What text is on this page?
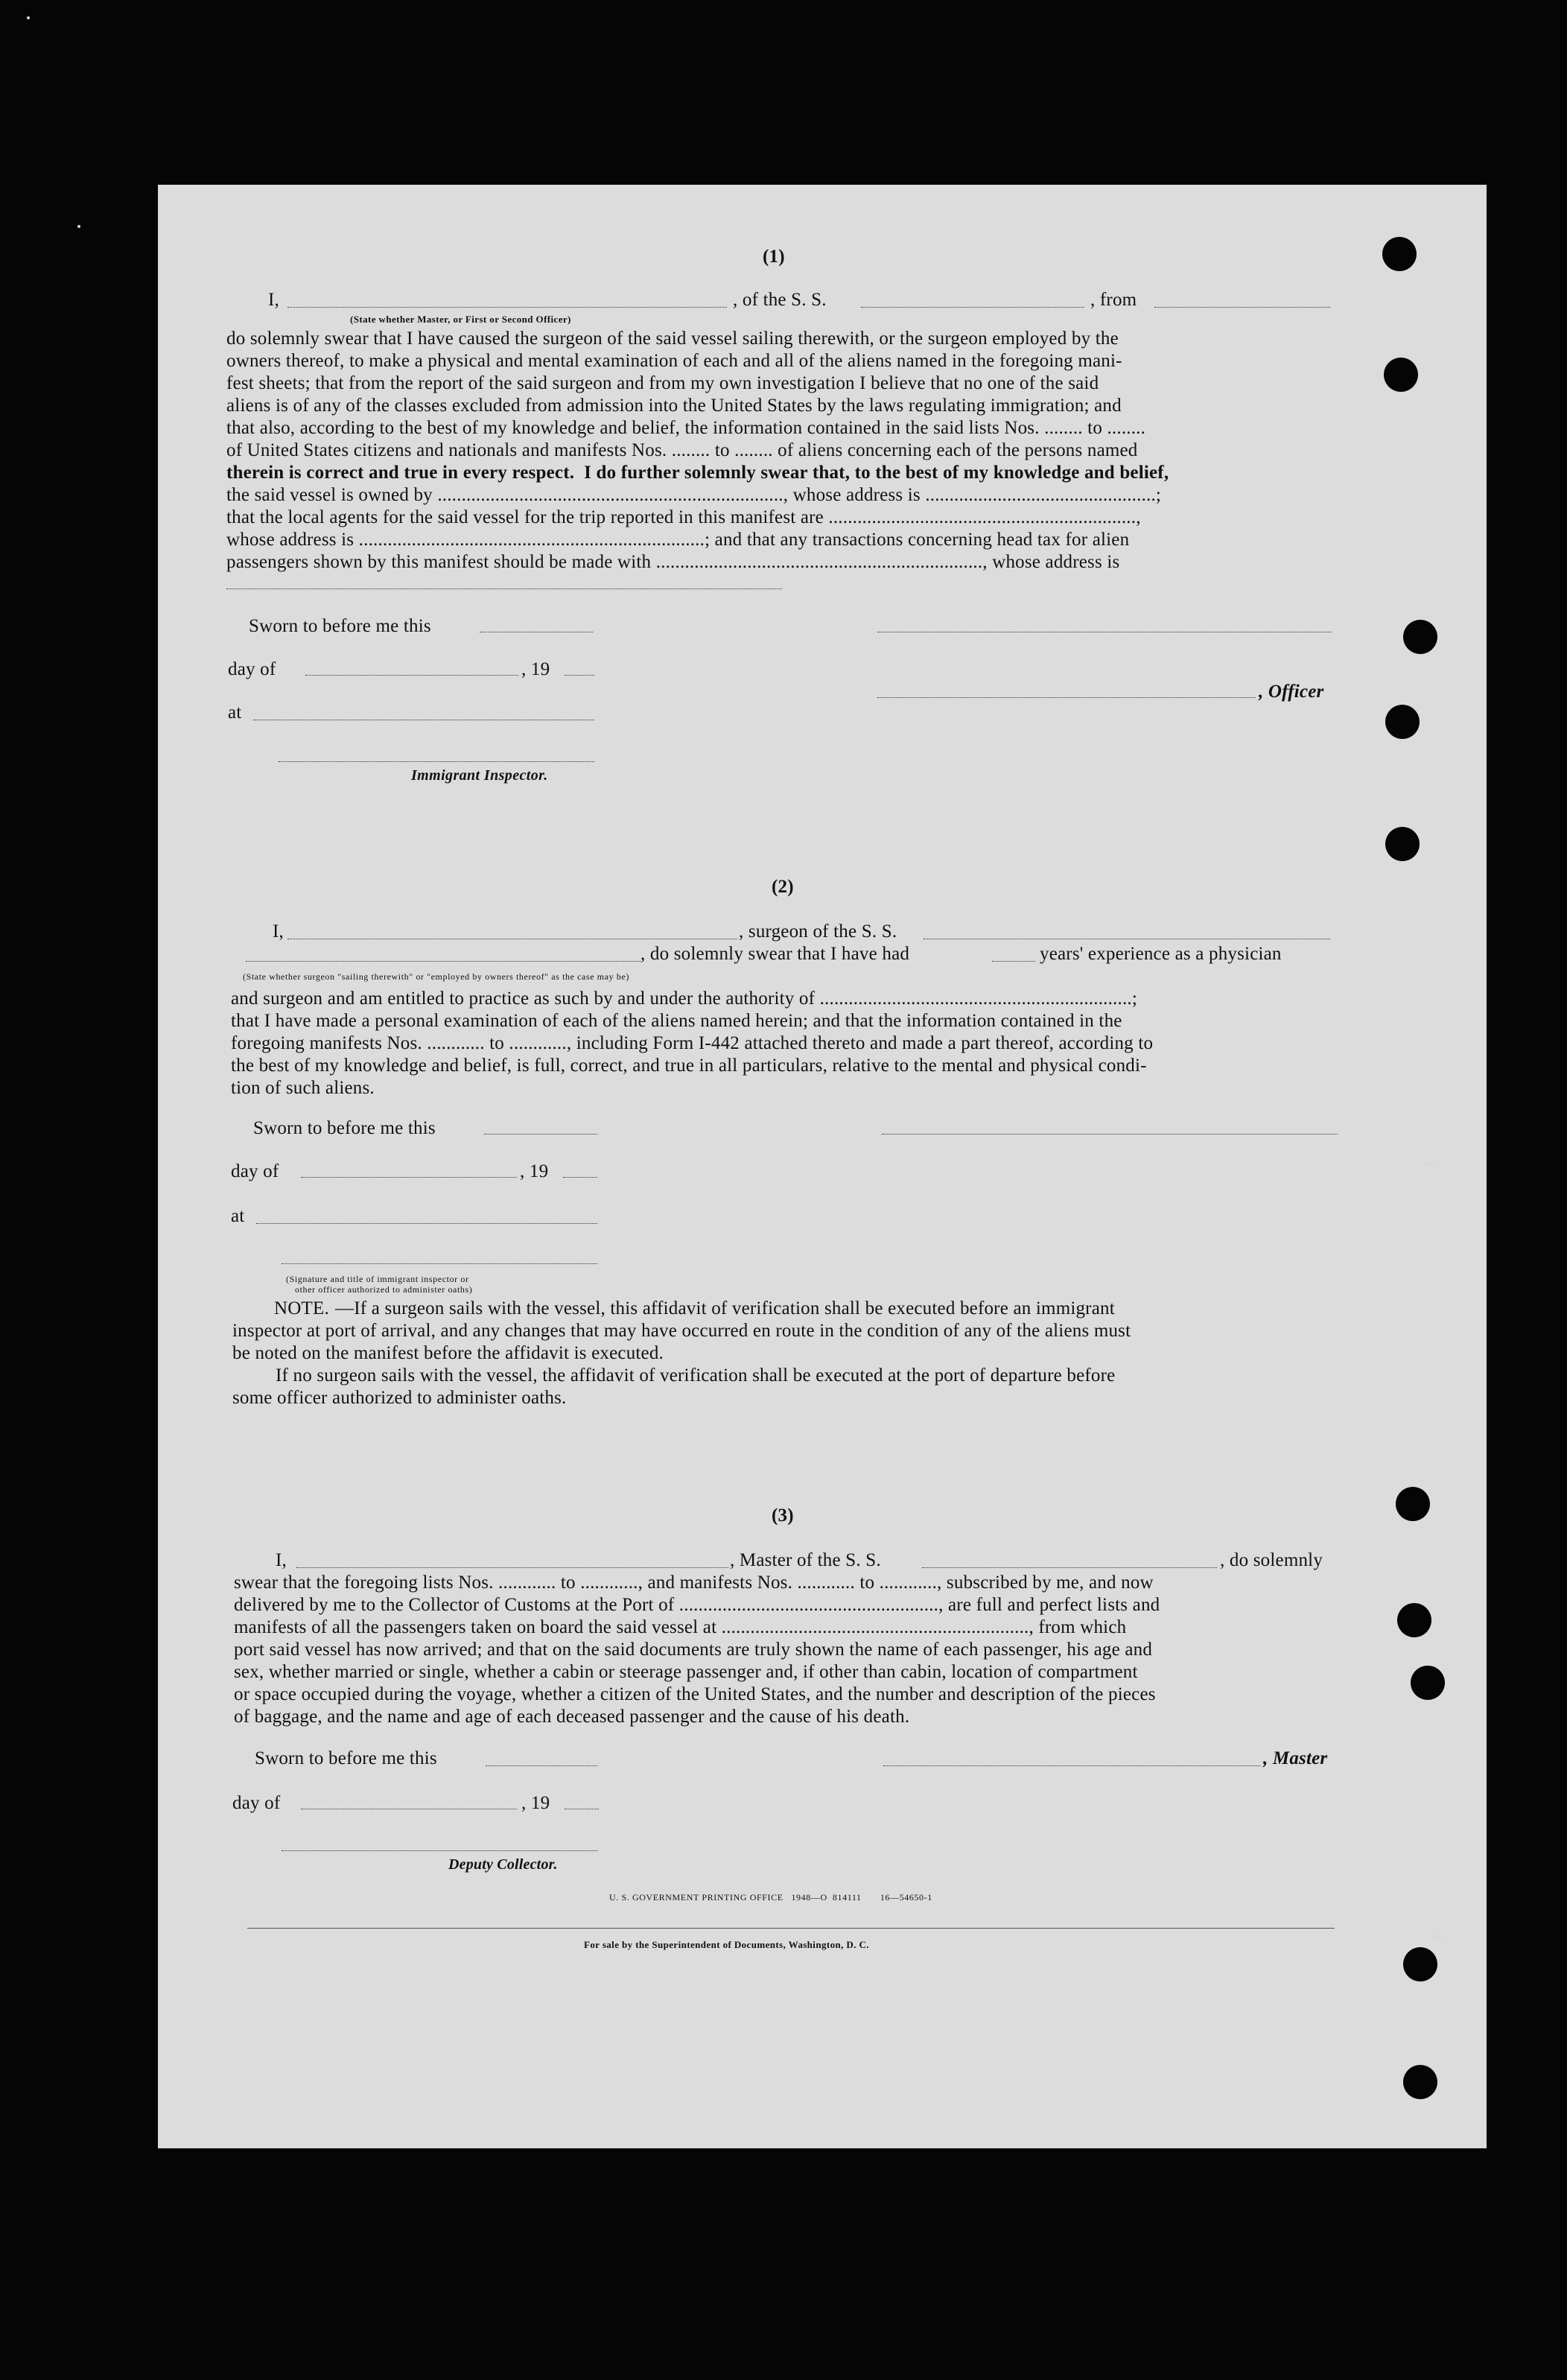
(1)
I,	, of the S. S.	, from
(State whether Master, or First or Second Officer)
do solemnly swear that I have caused the surgeon of the said vessel sailing therewith, or the surgeon employed by the
owners thereof, to make a physical and mental examination of each and all of the aliens named in the foregoing mani-
fest sheets; that from the report of the said surgeon and from my own investigation I believe that no one of the said
aliens is of any of the classes excluded from admission into the United States by the laws regulating immigration; and
that also, according to the best of my knowledge and belief, the information contained in the said lists Nos. ........ to ........
of United States citizens and nationals and manifests Nos. ........ to ........ of aliens concerning each of the persons named
therein is correct and true in every respect.  I do further solemnly swear that, to the best of my knowledge and belief,
the said vessel is owned by ........................................................................, whose address is ................................................;
that the local agents for the said vessel for the trip reported in this manifest are ................................................................,
whose address is ........................................................................; and that any transactions concerning head tax for alien
passengers shown by this manifest should be made with ...................................................................., whose address is
Sworn to before me this
day of	, 19
, Officer
at
Immigrant Inspector.
(2)
I,	, surgeon of the S. S.
, do solemnly swear that I have had	years' experience as a physician
(State whether surgeon "sailing therewith" or "employed by owners thereof" as the case may be)
and surgeon and am entitled to practice as such by and under the authority of .................................................................;
that I have made a personal examination of each of the aliens named herein; and that the information contained in the
foregoing manifests Nos. ............ to ............, including Form I-442 attached thereto and made a part thereof, according to
the best of my knowledge and belief, is full, correct, and true in all particulars, relative to the mental and physical condi-
tion of such aliens.
Sworn to before me this
day of	, 19
at
(Signature and title of immigrant inspector or
other officer authorized to administer oaths)
NOTE. —If a surgeon sails with the vessel, this affidavit of verification shall be executed before an immigrant
inspector at port of arrival, and any changes that may have occurred en route in the condition of any of the aliens must
be noted on the manifest before the affidavit is executed.
If no surgeon sails with the vessel, the affidavit of verification shall be executed at the port of departure before
some officer authorized to administer oaths.
(3)
I,	, Master of the S. S.	, do solemnly
swear that the foregoing lists Nos. ............ to ............, and manifests Nos. ............ to ............, subscribed by me, and now
delivered by me to the Collector of Customs at the Port of ......................................................, are full and perfect lists and
manifests of all the passengers taken on board the said vessel at ................................................................, from which
port said vessel has now arrived; and that on the said documents are truly shown the name of each passenger, his age and
sex, whether married or single, whether a cabin or steerage passenger and, if other than cabin, location of compartment
or space occupied during the voyage, whether a citizen of the United States, and the number and description of the pieces
of baggage, and the name and age of each deceased passenger and the cause of his death.
Sworn to before me this	, Master
day of	, 19
Deputy Collector.
U. S. GOVERNMENT PRINTING OFFICE   1948—O  814111       16—54650-1
For sale by the Superintendent of Documents, Washington, D. C.
